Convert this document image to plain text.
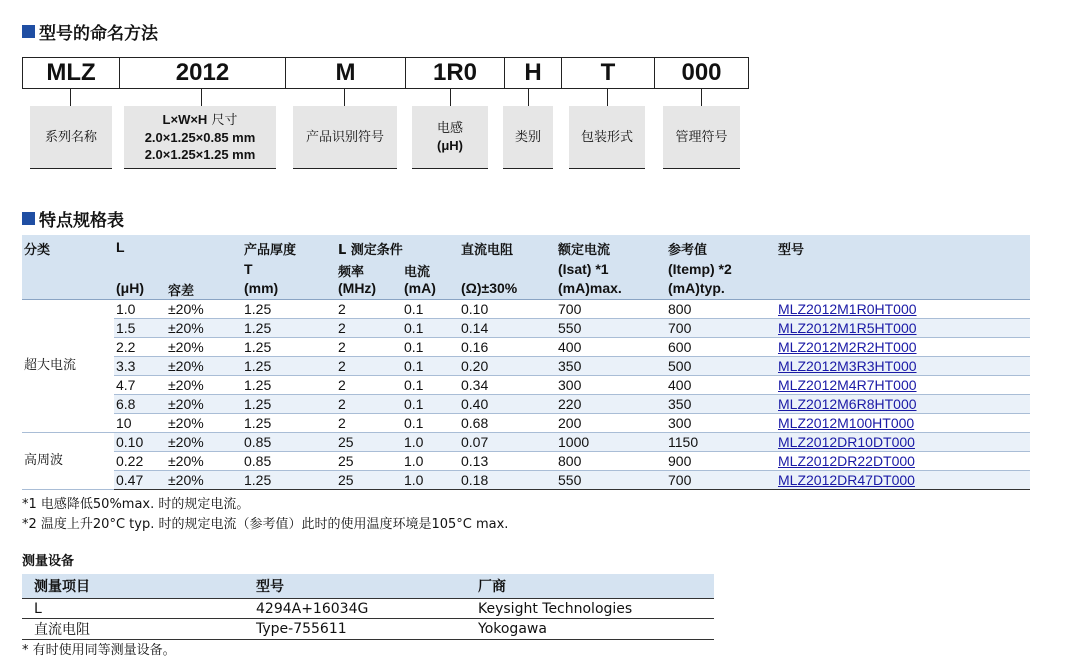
型号的命名方法
MLZ	2012	M	1R0	H	T	000
系列名称
L×W×H 尺寸
2.0×1.25×0.85 mm
2.0×1.25×1.25 mm
产品识别符号
电感
(μH)
类别	包装形式	管理符号
特点规格表
分类	L		产品厚度	L 测定条件		直流电阻	额定电流	参考值	型号
			T	频率	电流		(Isat) *1	(Itemp) *2	
	(μH)	容差	(mm)	(MHz)	(mA)	(Ω)±30%	(mA)max.	(mA)typ.	
超大电流	1.0	±20%	1.25	2	0.1	0.10	700	800	MLZ2012M1R0HT000
	1.5	±20%	1.25	2	0.1	0.14	550	700	MLZ2012M1R5HT000
	2.2	±20%	1.25	2	0.1	0.16	400	600	MLZ2012M2R2HT000
	3.3	±20%	1.25	2	0.1	0.20	350	500	MLZ2012M3R3HT000
	4.7	±20%	1.25	2	0.1	0.34	300	400	MLZ2012M4R7HT000
	6.8	±20%	1.25	2	0.1	0.40	220	350	MLZ2012M6R8HT000
	10	±20%	1.25	2	0.1	0.68	200	300	MLZ2012M100HT000
高周波	0.10	±20%	0.85	25	1.0	0.07	1000	1150	MLZ2012DR10DT000
	0.22	±20%	0.85	25	1.0	0.13	800	900	MLZ2012DR22DT000
	0.47	±20%	1.25	25	1.0	0.18	550	700	MLZ2012DR47DT000
*1 电感降低50%max. 时的规定电流。
*2 温度上升20°C typ. 时的规定电流（参考值）此时的使用温度环境是105°C max.
测量设备
测量项目	型号	厂商
L	4294A+16034G	Keysight Technologies
直流电阻	Type-755611	Yokogawa
* 有时使用同等测量设备。
